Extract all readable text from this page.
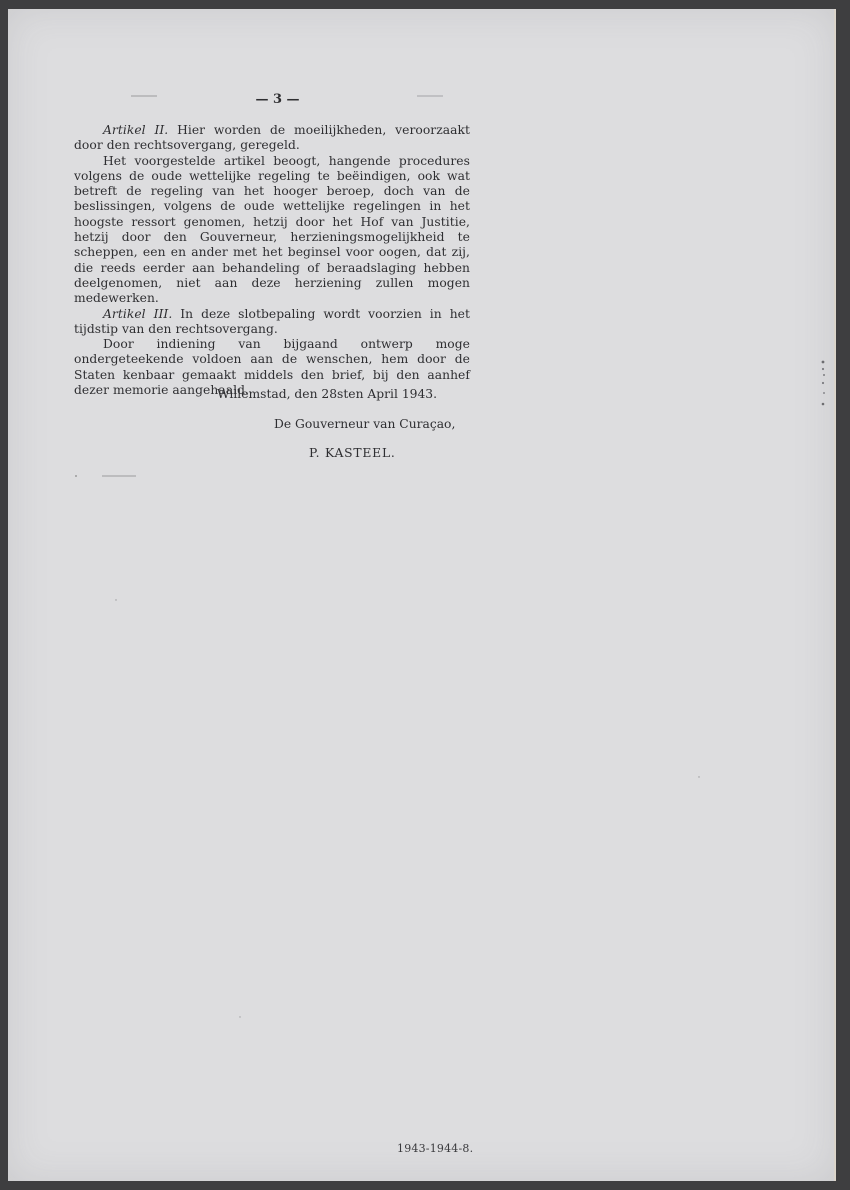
— 3 —

Artikel II. Hier worden de moeilijkheden, veroorzaakt door den rechtsovergang, geregeld.

Het voorgestelde artikel beoogt, hangende procedures volgens de oude wettelijke regeling te beëindigen, ook wat betreft de regeling van het hooger beroep, doch van de beslissingen, volgens de oude wettelijke regelingen in het hoogste ressort genomen, hetzij door het Hof van Justitie, hetzij door den Gouverneur, herzieningsmogelijkheid te scheppen, een en ander met het beginsel voor oogen, dat zij, die reeds eerder aan behandeling of beraadslaging hebben deelgenomen, niet aan deze herziening zullen mogen medewerken.

Artikel III. In deze slotbepaling wordt voorzien in het tijdstip van den rechtsovergang.

Door indiening van bijgaand ontwerp moge ondergeteekende voldoen aan de wenschen, hem door de Staten kenbaar gemaakt middels den brief, bij den aanhef dezer memorie aangehaald.

Willemstad, den 28sten April 1943.
De Gouverneur van Curaçao,
P. KASTEEL.
1943-1944-8.
